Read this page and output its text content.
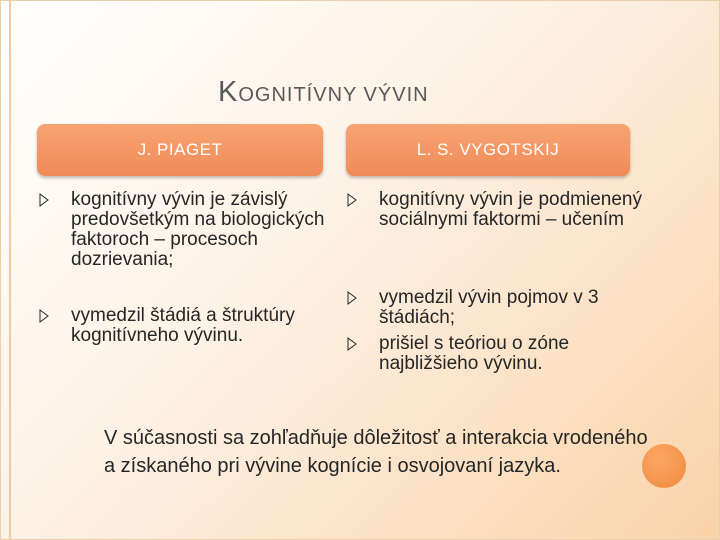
KOGNITÍVNY VÝVIN
J. PIAGET	L. S. VYGOTSKIJ
kognitívny vývin je závislý predovšetkým na biologických faktoroch – procesoch dozrievania;
vymedzil štádiá a štruktúry kognitívneho vývinu.
kognitívny vývin je podmienený sociálnymi faktormi – učením
vymedzil vývin pojmov v 3 štádiách;
prišiel s teóriou o zóne najbližšieho vývinu.
V súčasnosti sa zohľadňuje dôležitosť a interakcia vrodeného a získaného pri vývine kognície i osvojovaní jazyka.
